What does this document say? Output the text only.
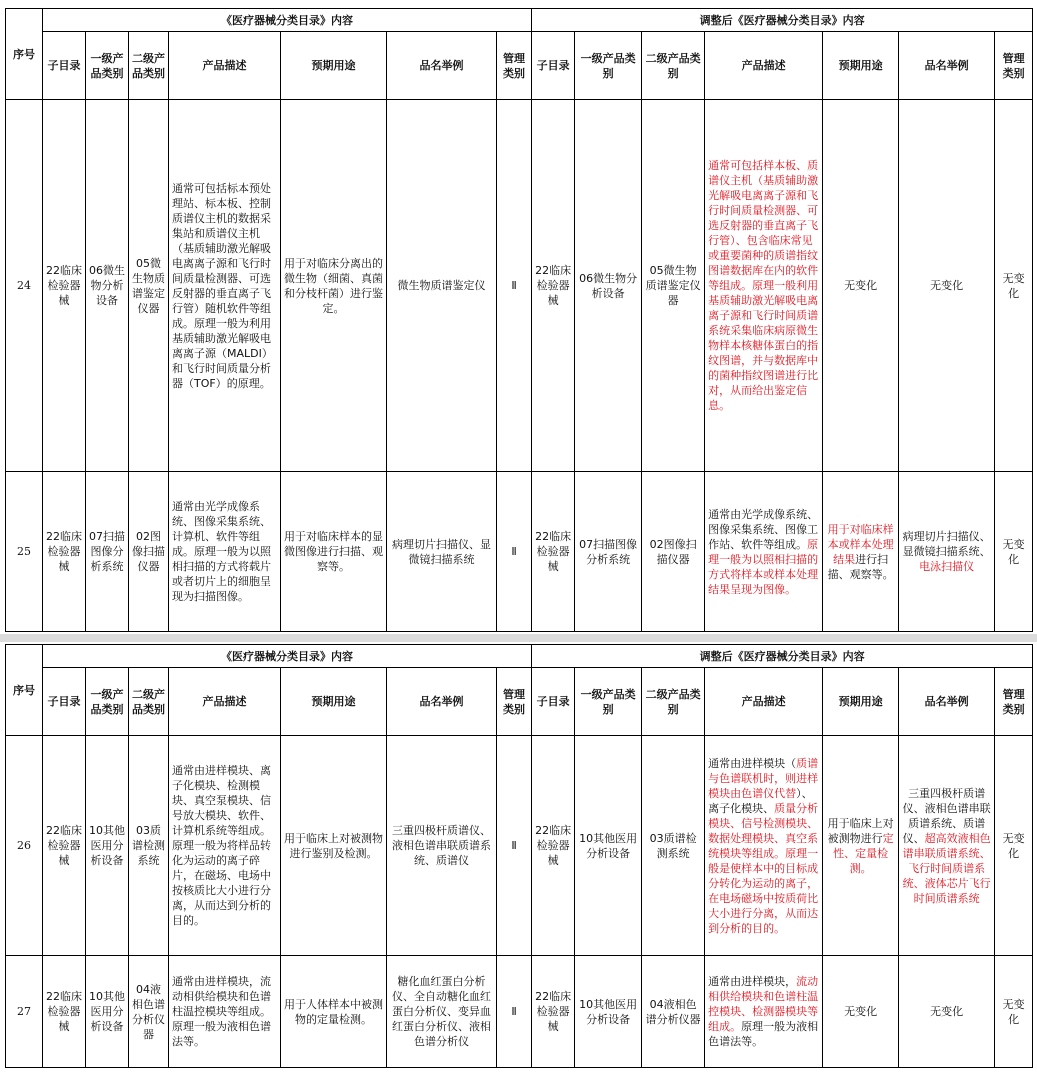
序号	《医疗器械分类目录》内容							调整后《医疗器械分类目录》内容						
	子目录	一级产品类别	二级产品类别	产品描述	预期用途	品名举例	管理类别	子目录	一级产品类别	二级产品类别	产品描述	预期用途	品名举例	管理类别
24	22临床检验器械	06微生物分析设备	05微生物质谱鉴定仪器	通常可包括标本预处理站、标本板、控制质谱仪主机的数据采集站和质谱仪主机（基质辅助激光解吸电离离子源和飞行时间质量检测器、可选反射器的垂直离子飞行管）随机软件等组成。原理一般为利用基质辅助激光解吸电离离子源（MALDI）和飞行时间质量分析器（TOF）的原理。	用于对临床分离出的微生物（细菌、真菌和分枝杆菌）进行鉴定。	微生物质谱鉴定仪	Ⅱ	22临床检验器械	06微生物分析设备	05微生物质谱鉴定仪器	通常可包括样本板、质谱仪主机（基质辅助激光解吸电离离子源和飞行时间质量检测器、可选反射器的垂直离子飞行管）、包含临床常见或重要菌种的质谱指纹图谱数据库在内的软件等组成。原理一般利用基质辅助激光解吸电离离子源和飞行时间质谱系统采集临床病原微生物样本核糖体蛋白的指纹图谱，并与数据库中的菌种指纹图谱进行比对，从而给出鉴定信息。	无变化	无变化	无变化
25	22临床检验器械	07扫描图像分析系统	02图像扫描仪器	通常由光学成像系统、图像采集系统、计算机、软件等组成。原理一般为以照相扫描的方式将载片或者切片上的细胞呈现为扫描图像。	用于对临床样本的显微图像进行扫描、观察等。	病理切片扫描仪、显微镜扫描系统	Ⅱ	22临床检验器械	07扫描图像分析系统	02图像扫描仪器	通常由光学成像系统、图像采集系统、图像工作站、软件等组成。原理一般为以照相扫描的方式将样本或样本处理结果呈现为图像。	用于对临床样本或样本处理结果进行扫描、观察等。	病理切片扫描仪、显微镜扫描系统、电泳扫描仪	无变化
序号	《医疗器械分类目录》内容							调整后《医疗器械分类目录》内容						
	子目录	一级产品类别	二级产品类别	产品描述	预期用途	品名举例	管理类别	子目录	一级产品类别	二级产品类别	产品描述	预期用途	品名举例	管理类别
26	22临床检验器械	10其他医用分析设备	03质谱检测系统	通常由进样模块、离子化模块、检测模块、真空泵模块、信号放大模块、软件、计算机系统等组成。原理一般为将样品转化为运动的离子碎片，在磁场、电场中按核质比大小进行分离，从而达到分析的目的。	用于临床上对被测物进行鉴别及检测。	三重四极杆质谱仪、液相色谱串联质谱系统、质谱仪	Ⅱ	22临床检验器械	10其他医用分析设备	03质谱检测系统	通常由进样模块（质谱与色谱联机时，则进样模块由色谱仪代替）、离子化模块、质量分析模块、信号检测模块、数据处理模块、真空系统模块等组成。原理一般是使样本中的目标成分转化为运动的离子，在电场磁场中按质荷比大小进行分离，从而达到分析的目的。	用于临床上对被测物进行定性、定量检测。	三重四极杆质谱仪、液相色谱串联质谱系统、质谱仪、超高效液相色谱串联质谱系统、飞行时间质谱系统、液体芯片飞行时间质谱系统	无变化
27	22临床检验器械	10其他医用分析设备	04液相色谱分析仪器	通常由进样模块，流动相供给模块和色谱柱温控模块等组成。原理一般为液相色谱法等。	用于人体样本中被测物的定量检测。	糖化血红蛋白分析仪、全自动糖化血红蛋白分析仪、变异血红蛋白分析仪、液相色谱分析仪	Ⅱ	22临床检验器械	10其他医用分析设备	04液相色谱分析仪器	通常由进样模块，流动相供给模块和色谱柱温控模块、检测器模块等组成。原理一般为液相色谱法等。	无变化	无变化	无变化
